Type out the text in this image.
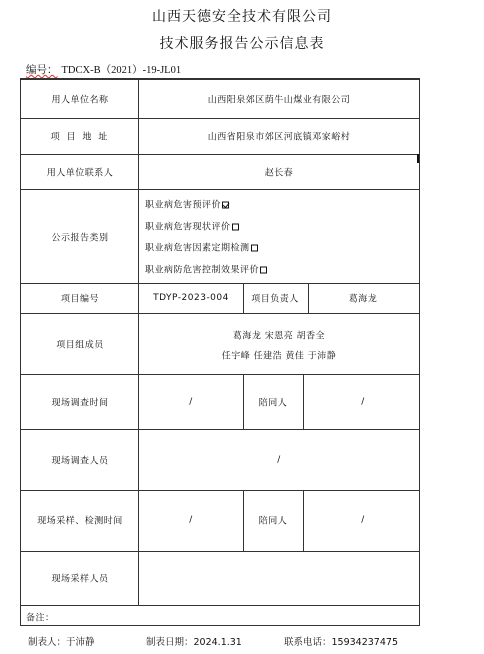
山西天德安全技术有限公司
技术服务报告公示信息表
编号： TDCX-B（2021）-19-JL01
用人单位名称	山西阳泉郊区荫牛山煤业有限公司
项 目 地 址	山西省阳泉市郊区河底镇邓家峪村
用人单位联系人	赵长春
公示报告类别
职业病危害预评价
职业病危害现状评价
职业病危害因素定期检测
职业病防危害控制效果评价
项目编号	TDYP-2023-004 项目负责人	葛海龙
项目组成员
葛海龙 宋恩亮 胡香全
任宇峰 任建浩 黄佳 于沛静
现场调查时间	/	陪同人	/
现场调查人员	/
现场采样、检测时间	/	陪同人	/
现场采样人员
备注：
制表人：于沛静	制表日期：2024.1.31	联系电话：15934237475
